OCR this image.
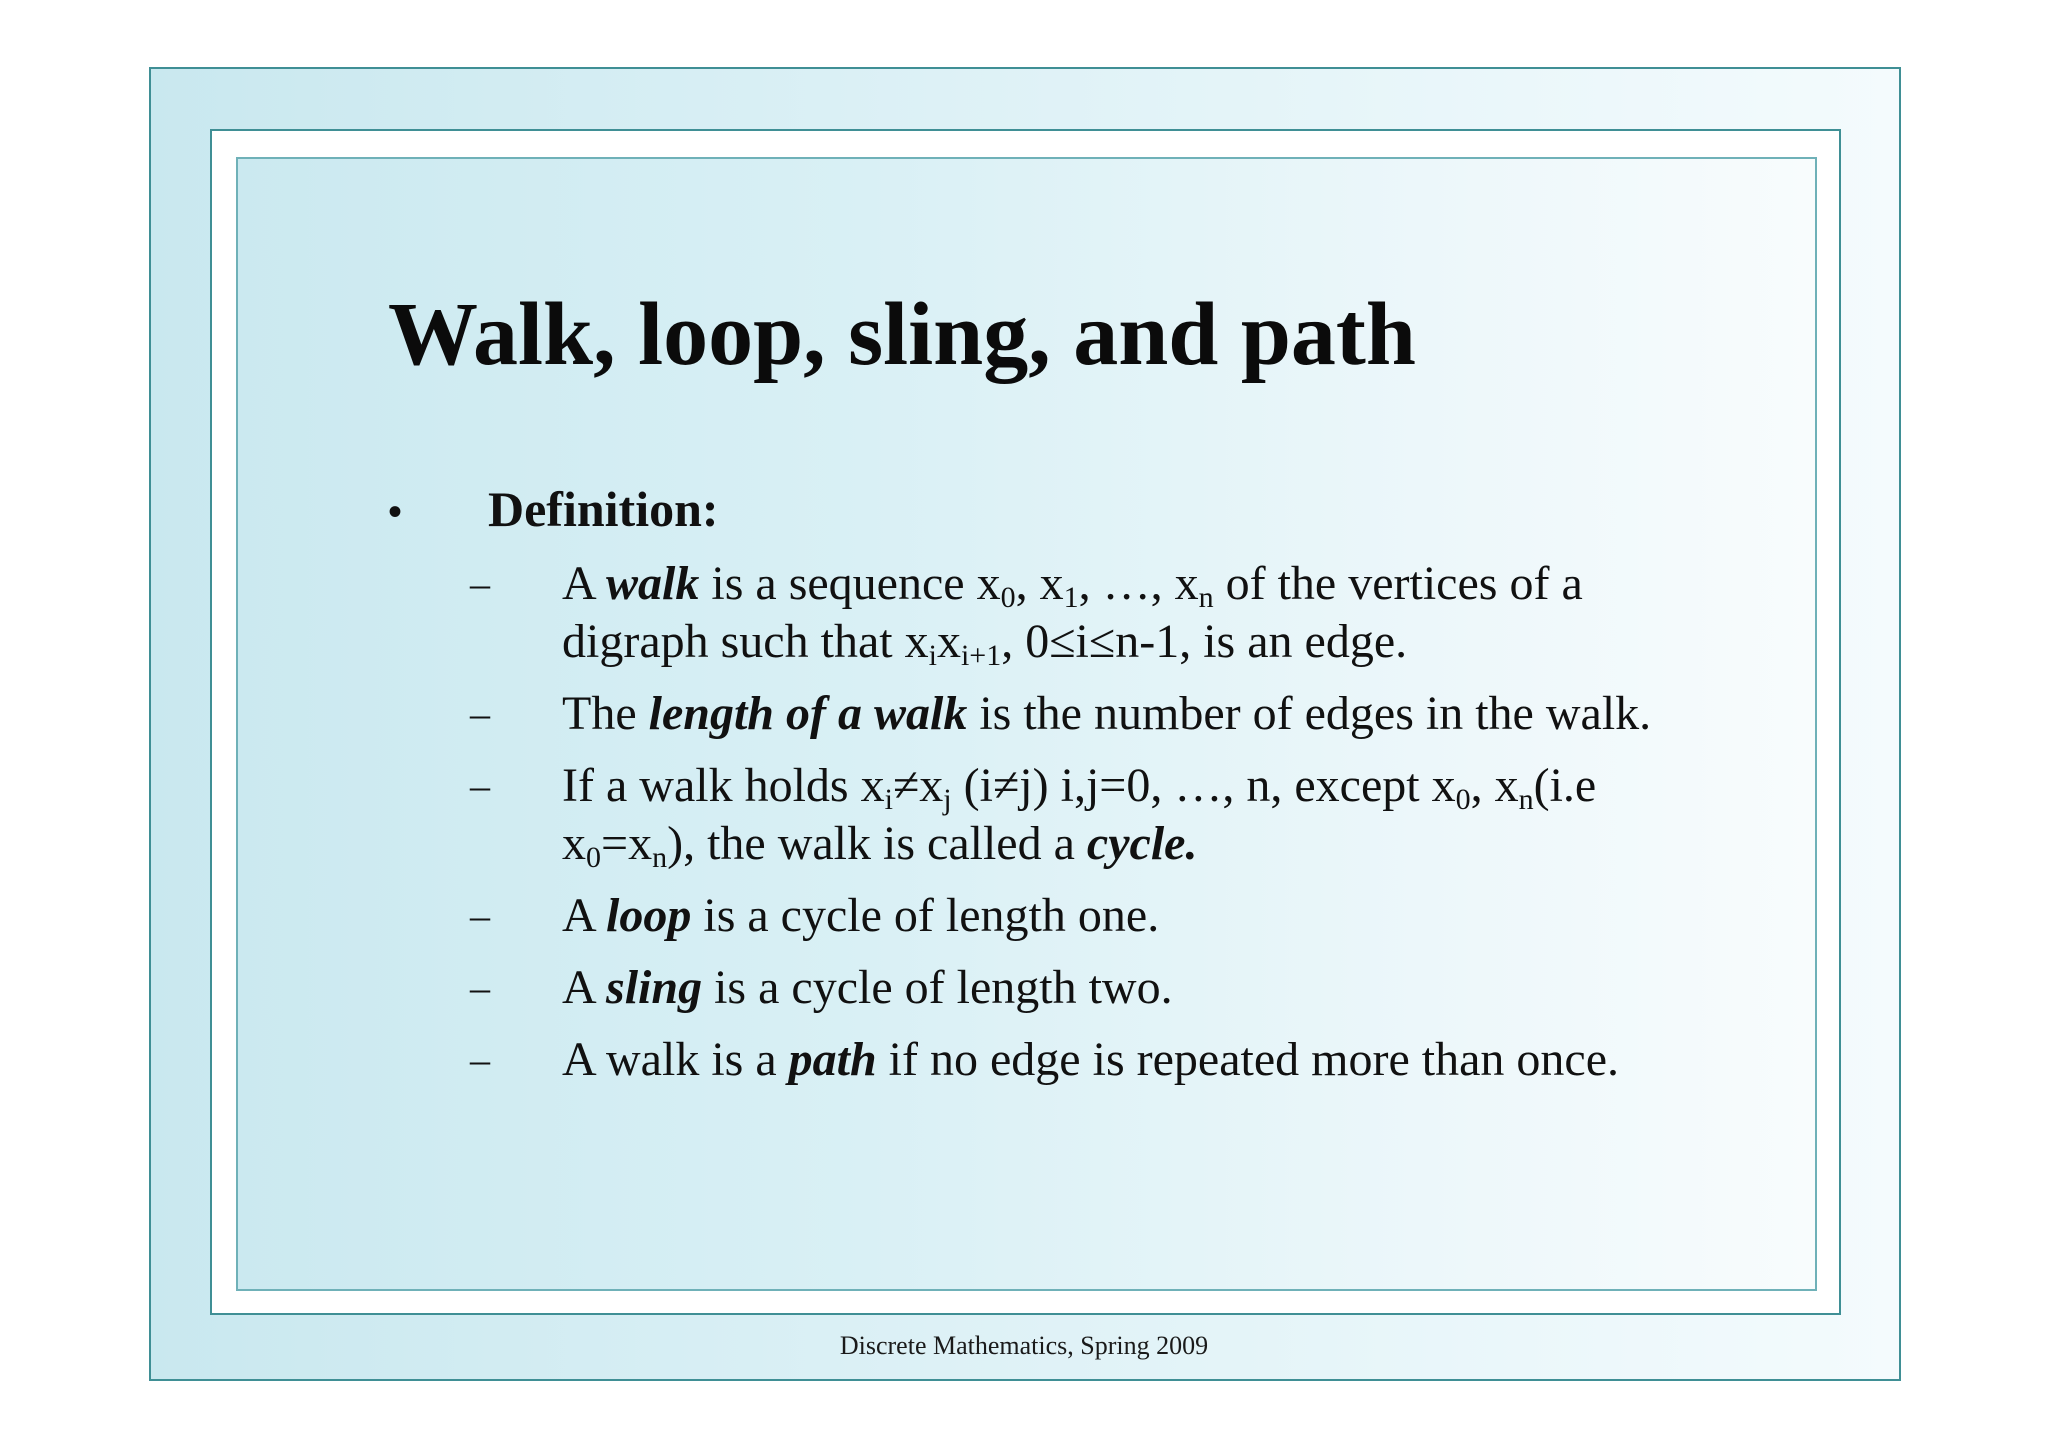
Walk, loop, sling, and path
• Definition:
– A walk is a sequence $x_0$, $x_1$, …, $x_n$ of the vertices of a digraph such that $x_ix_{i+1}$, 0≤i≤n-1, is an edge.
– The length of a walk is the number of edges in the walk.
– If a walk holds $x_i\ne x_j$ (i≠j) i,j=0, …, n, except $x_0$, $x_n(i.e$ $x_0=x_n$), the walk is called a cycle.
– A loop is a cycle of length one.
– A sling is a cycle of length two.
– A walk is a path if no edge is repeated more than once.
Discrete Mathematics, Spring 2009
